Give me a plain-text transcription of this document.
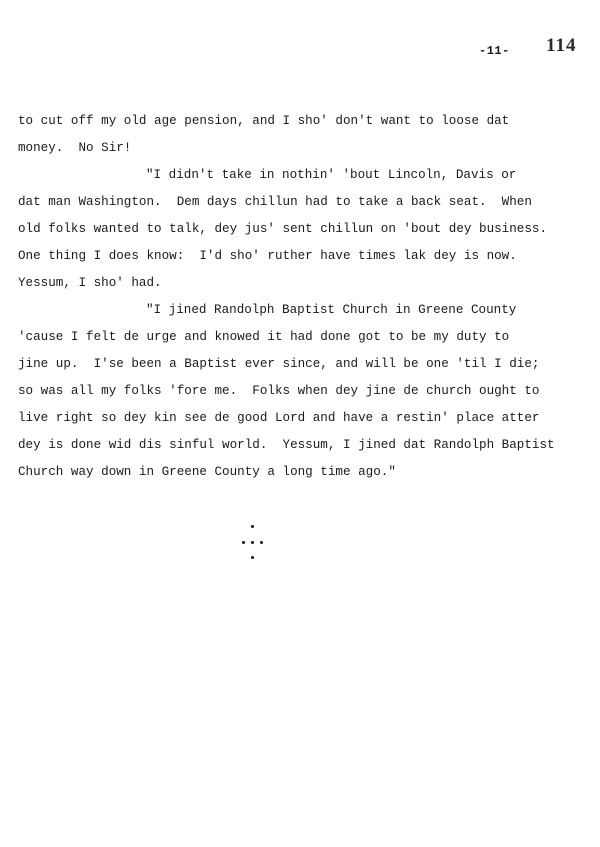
-11- 114
to cut off my old age pension, and I sho' don't want to loose dat
money.  No Sir!
"I didn't take in nothin' 'bout Lincoln, Davis or
dat man Washington.  Dem days chillun had to take a back seat.  When
old folks wanted to talk, dey jus' sent chillun on 'bout dey business.
One thing I does know:  I'd sho' ruther have times lak dey is now.
Yessum, I sho' had.
"I jined Randolph Baptist Church in Greene County
'cause I felt de urge and knowed it had done got to be my duty to
jine up.  I'se been a Baptist ever since, and will be one 'til I die;
so was all my folks 'fore me.  Folks when dey jine de church ought to
live right so dey kin see de good Lord and have a restin' place atter
dey is done wid dis sinful world.  Yessum, I jined dat Randolph Baptist
Church way down in Greene County a long time ago."
